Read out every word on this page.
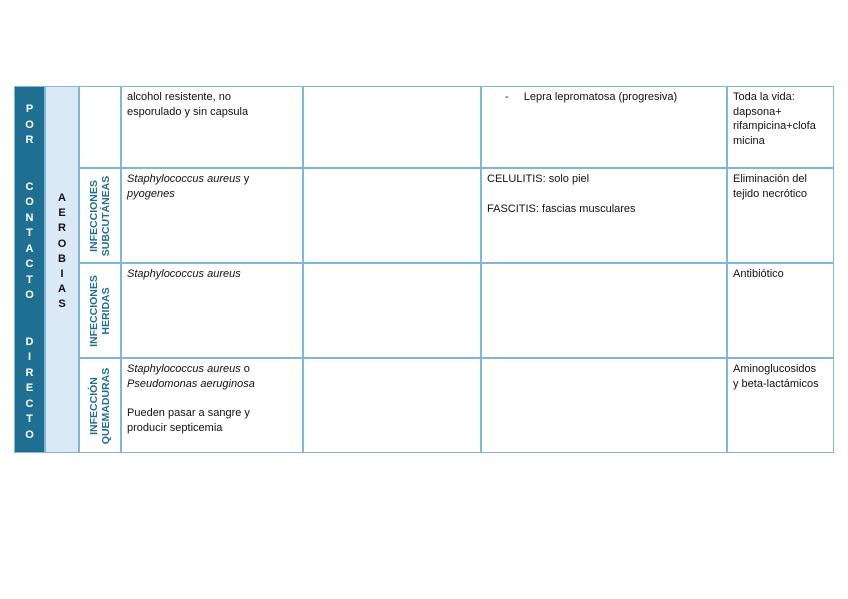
P
O
R
C
O
N
T
A
C
T
O
D
I
R
E
C
T
O
A
E
R
O
B
I
A
S
alcohol resistente, no
esporulado y sin capsula
- Lepra lepromatosa (progresiva)	Toda la vida:
dapsona+
rifampicina+clofa
micina
INFECCIONES
SUBCUTÁNEAS Staphylococcus aureus y
pyogenes
CELULITIS: solo piel
FASCITIS: fascias musculares
Eliminación del
tejido necrótico
INFECCIONES
HERIDAS
Staphylococcus aureus	Antibiótico
INFECCIÓN
QUEMADURAS Staphylococcus aureus o
Pseudomonas aeruginosa
Pueden pasar a sangre y
producir septicemia
Aminoglucosidos
y beta-lactámicos
